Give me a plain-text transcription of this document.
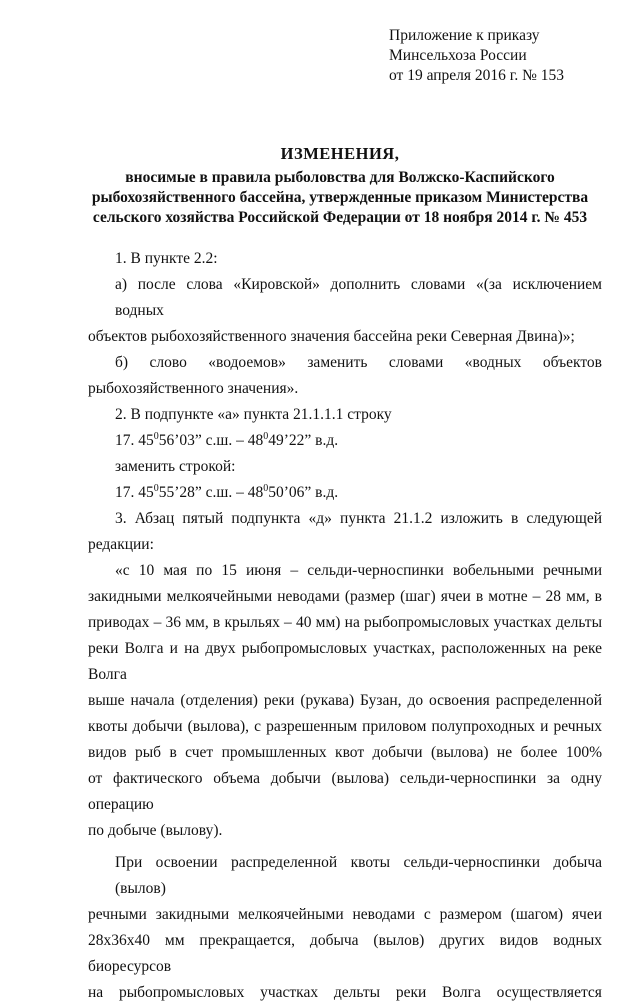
Приложение к приказу
Минсельхоза России
от 19 апреля 2016 г. № 153
ИЗМЕНЕНИЯ,
вносимые в правила рыболовства для Волжско-Каспийского
рыбохозяйственного бассейна, утвержденные приказом Министерства
сельского хозяйства Российской Федерации от 18 ноября 2014 г. № 453
1. В пункте 2.2:
а) после слова «Кировской» дополнить словами «(за исключением водных
объектов рыбохозяйственного значения бассейна реки Северная Двина)»;
б) слово «водоемов» заменить словами «водных объектов
рыбохозяйственного значения».
2. В подпункте «а» пункта 21.1.1.1 строку
17. $45^056’03$” с.ш. – $48^049’22$” в.д.
заменить строкой:
17. $45^055’28$” с.ш. – $48^050’06$” в.д.
3. Абзац пятый подпункта «д» пункта 21.1.2 изложить в следующей
редакции:
«с 10 мая по 15 июня – сельди-черноспинки вобельными речными
закидными мелкоячейными неводами (размер (шаг) ячеи в мотне – 28 мм, в
приводах – 36 мм, в крыльях – 40 мм) на рыбопромысловых участках дельты
реки Волга и на двух рыбопромысловых участках, расположенных на реке Волга
выше начала (отделения) реки (рукава) Бузан, до освоения распределенной
квоты добычи (вылова), с разрешенным приловом полупроходных и речных
видов рыб в счет промышленных квот добычи (вылова) не более 100%
от фактического объема добычи (вылова) сельди-черноспинки за одну операцию
по добыче (вылову).
При освоении распределенной квоты сельди-черноспинки добыча (вылов)
речными закидными мелкоячейными неводами с размером (шагом) ячеи
28х36х40 мм прекращается, добыча (вылов) других видов водных биоресурсов
на рыбопромысловых участках дельты реки Волга осуществляется
